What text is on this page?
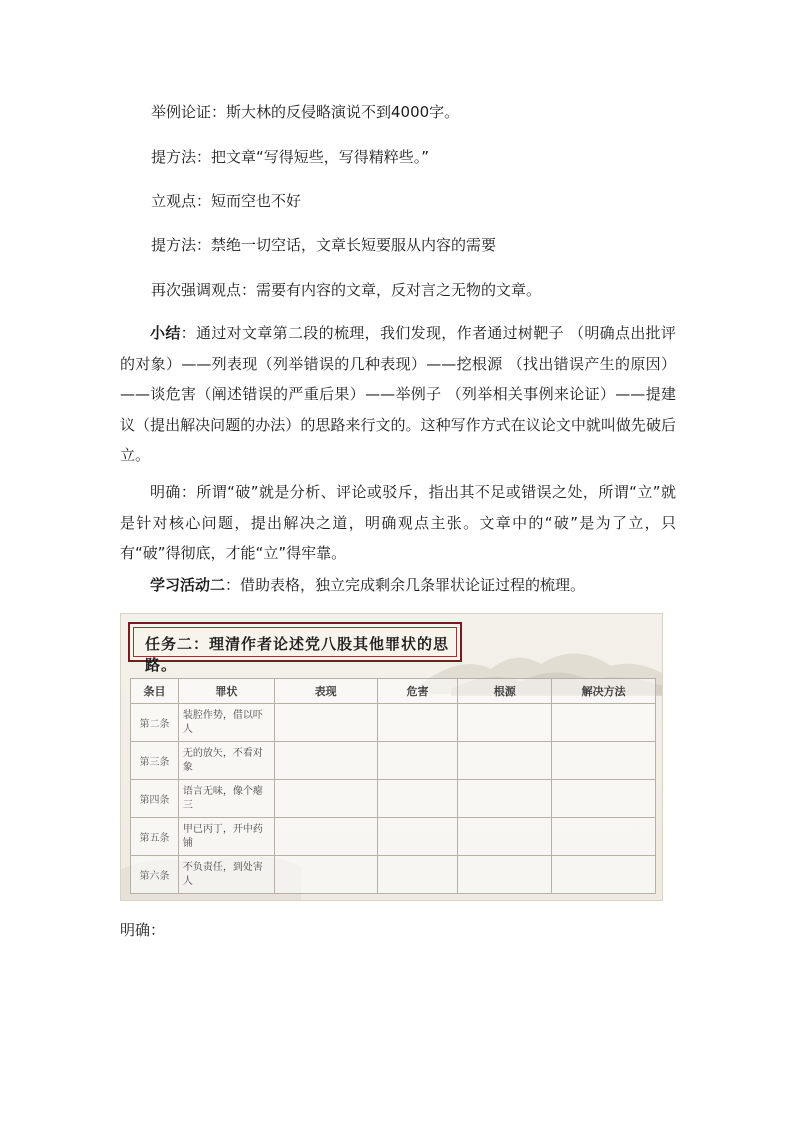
举例论证：斯大林的反侵略演说不到4000字。
提方法：把文章“写得短些，写得精粹些。”
立观点：短而空也不好
提方法：禁绝一切空话，文章长短要服从内容的需要
再次强调观点：需要有内容的文章，反对言之无物的文章。
小结：通过对文章第二段的梳理，我们发现，作者通过树靶子 （明确点出批评的对象）——列表现（列举错误的几种表现）——挖根源 （找出错误产生的原因）——谈危害（阐述错误的严重后果）——举例子 （列举相关事例来论证）——提建议（提出解决问题的办法）的思路来行文的。这种写作方式在议论文中就叫做先破后立。
明确：所谓“破”就是分析、评论或驳斥，指出其不足或错误之处，所谓“立”就是针对核心问题，提出解决之道，明确观点主张。文章中的“破”是为了立，只有“破”得彻底，才能“立”得牢靠。
学习活动二：借助表格，独立完成剩余几条罪状论证过程的梳理。
任务二：理清作者论述党八股其他罪状的思路。
条目	罪状	表现	危害	根源	解决方法
第二条	装腔作势，借以吓人				
第三条	无的放矢，不看对象				
第四条	语言无味，像个瘪三				
第五条	甲已丙丁，开中药铺				
第六条	不负责任，到处害人				
明确：
